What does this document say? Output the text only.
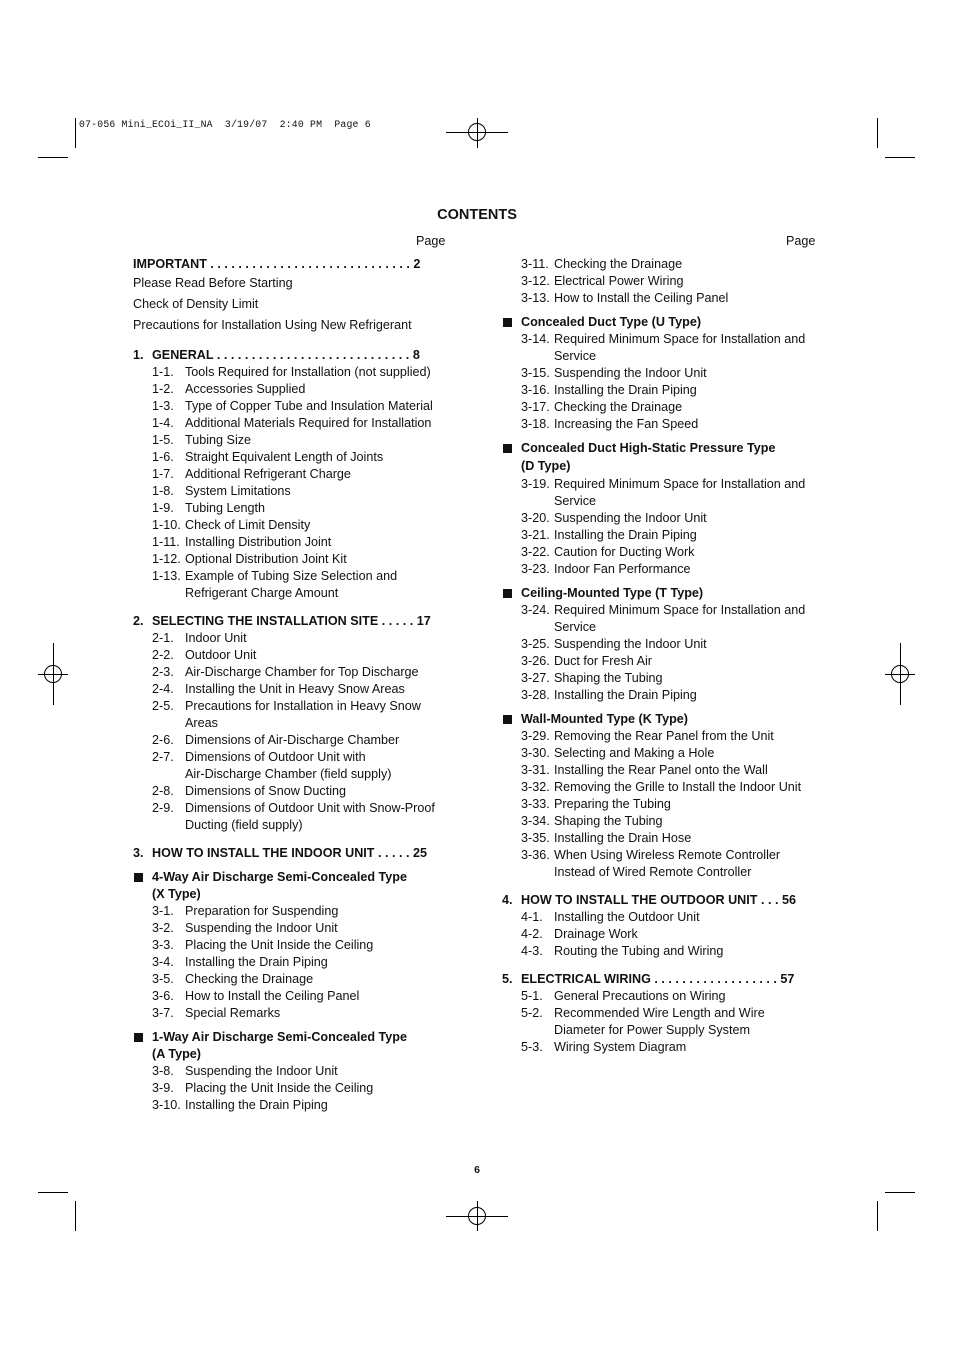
07-056 Mini_ECOi_II_NA  3/19/07  2:40 PM  Page 6
CONTENTS
Page	Page
IMPORTANT . . . . . . . . . . . . . . . . . . . . . . . . . . . . . 2
Please Read Before Starting
Check of Density Limit
Precautions for Installation Using New Refrigerant
1. GENERAL . . . . . . . . . . . . . . . . . . . . . . . . . . . . 8
1-1. Tools Required for Installation (not supplied)
1-2. Accessories Supplied
1-3. Type of Copper Tube and Insulation Material
1-4. Additional Materials Required for Installation
1-5. Tubing Size
1-6. Straight Equivalent Length of Joints
1-7. Additional Refrigerant Charge
1-8. System Limitations
1-9. Tubing Length
1-10. Check of Limit Density
1-11. Installing Distribution Joint
1-12. Optional Distribution Joint Kit
1-13. Example of Tubing Size Selection and
Refrigerant Charge Amount
2. SELECTING THE INSTALLATION SITE . . . . . 17
2-1. Indoor Unit
2-2. Outdoor Unit
2-3. Air-Discharge Chamber for Top Discharge
2-4. Installing the Unit in Heavy Snow Areas
2-5. Precautions for Installation in Heavy Snow
Areas
2-6. Dimensions of Air-Discharge Chamber
2-7. Dimensions of Outdoor Unit with
Air-Discharge Chamber (field supply)
2-8. Dimensions of Snow Ducting
2-9. Dimensions of Outdoor Unit with Snow-Proof
Ducting (field supply)
3. HOW TO INSTALL THE INDOOR UNIT . . . . . 25
4-Way Air Discharge Semi-Concealed Type
(X Type)
3-1. Preparation for Suspending
3-2. Suspending the Indoor Unit
3-3. Placing the Unit Inside the Ceiling
3-4. Installing the Drain Piping
3-5. Checking the Drainage
3-6. How to Install the Ceiling Panel
3-7. Special Remarks
1-Way Air Discharge Semi-Concealed Type
(A Type)
3-8. Suspending the Indoor Unit
3-9. Placing the Unit Inside the Ceiling
3-10. Installing the Drain Piping
3-11. Checking the Drainage
3-12. Electrical Power Wiring
3-13. How to Install the Ceiling Panel
Concealed Duct Type (U Type)
3-14. Required Minimum Space for Installation and
Service
3-15. Suspending the Indoor Unit
3-16. Installing the Drain Piping
3-17. Checking the Drainage
3-18. Increasing the Fan Speed
Concealed Duct High-Static Pressure Type
(D Type)
3-19. Required Minimum Space for Installation and
Service
3-20. Suspending the Indoor Unit
3-21. Installing the Drain Piping
3-22. Caution for Ducting Work
3-23. Indoor Fan Performance
Ceiling-Mounted Type (T Type)
3-24. Required Minimum Space for Installation and
Service
3-25. Suspending the Indoor Unit
3-26. Duct for Fresh Air
3-27. Shaping the Tubing
3-28. Installing the Drain Piping
Wall-Mounted Type (K Type)
3-29. Removing the Rear Panel from the Unit
3-30. Selecting and Making a Hole
3-31. Installing the Rear Panel onto the Wall
3-32. Removing the Grille to Install the Indoor Unit
3-33. Preparing the Tubing
3-34. Shaping the Tubing
3-35. Installing the Drain Hose
3-36. When Using Wireless Remote Controller
Instead of Wired Remote Controller
4. HOW TO INSTALL THE OUTDOOR UNIT . . . 56
4-1. Installing the Outdoor Unit
4-2. Drainage Work
4-3. Routing the Tubing and Wiring
5. ELECTRICAL WIRING . . . . . . . . . . . . . . . . . . 57
5-1. General Precautions on Wiring
5-2. Recommended Wire Length and Wire
Diameter for Power Supply System
5-3. Wiring System Diagram
6
